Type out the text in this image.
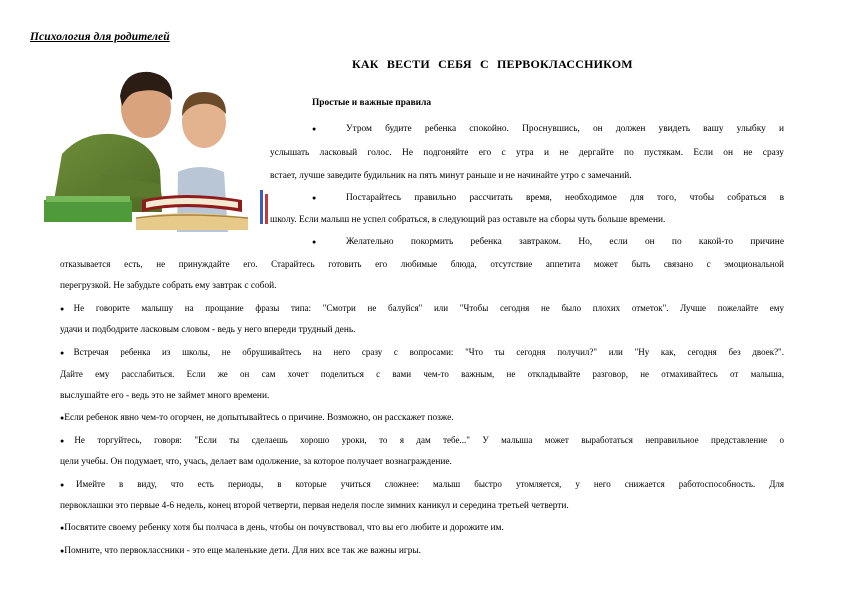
Психология для родителей
КАК ВЕСТИ СЕБЯ С ПЕРВОКЛАССНИКОМ
Простые и важные правила
●	Утром будите ребенка спокойно. Проснувшись, он должен увидеть вашу улыбку и
услышать ласковый голос. Не подгоняйте его с утра и не дергайте по пустякам. Если он не сразу
встает, лучше заведите будильник на пять минут раньше и не начинайте утро с замечаний.
●	Постарайтесь правильно рассчитать время, необходимое для того, чтобы собраться в
школу. Если малыш не успел собраться, в следующий раз оставьте на сборы чуть больше времени.
●	Желательно покормить ребенка завтраком. Но, если он по какой-то причине
отказывается есть, не принуждайте его. Старайтесь готовить его любимые блюда, отсутствие аппетита может быть связано с эмоциональной
перегрузкой. Не забудьте собрать ему завтрак с собой.
●Не говорите малышу на прощание фразы типа: "Смотри не балуйся" или "Чтобы сегодня не было плохих отметок". Лучше пожелайте ему
удачи и подбодрите ласковым словом - ведь у него впереди трудный день.
●Встречая ребенка из школы, не обрушивайтесь на него сразу с вопросами: "Что ты сегодня получил?" или "Ну как, сегодня без двоек?".
Дайте ему расслабиться. Если же он сам хочет поделиться с вами чем-то важным, не откладывайте разговор, не отмахивайтесь от малыша,
выслушайте его - ведь это не займет много времени.
●Если ребенок явно чем-то огорчен, не допытывайтесь о причине. Возможно, он расскажет позже.
●Не торгуйтесь, говоря: "Если ты сделаешь хорошо уроки, то я дам тебе..." У малыша может выработаться неправильное представление о
цели учебы. Он подумает, что, учась, делает вам одолжение, за которое получает вознаграждение.
●Имейте в виду, что есть периоды, в которые учиться сложнее: малыш быстро утомляется, у него снижается работоспособность. Для
первоклашки это первые 4-6 недель, конец второй четверти, первая неделя после зимних каникул и середина третьей четверти.
●Посвятите своему ребенку хотя бы полчаса в день, чтобы он почувствовал, что вы его любите и дорожите им.
●Помните, что первоклассники - это еще маленькие дети. Для них все так же важны игры.
